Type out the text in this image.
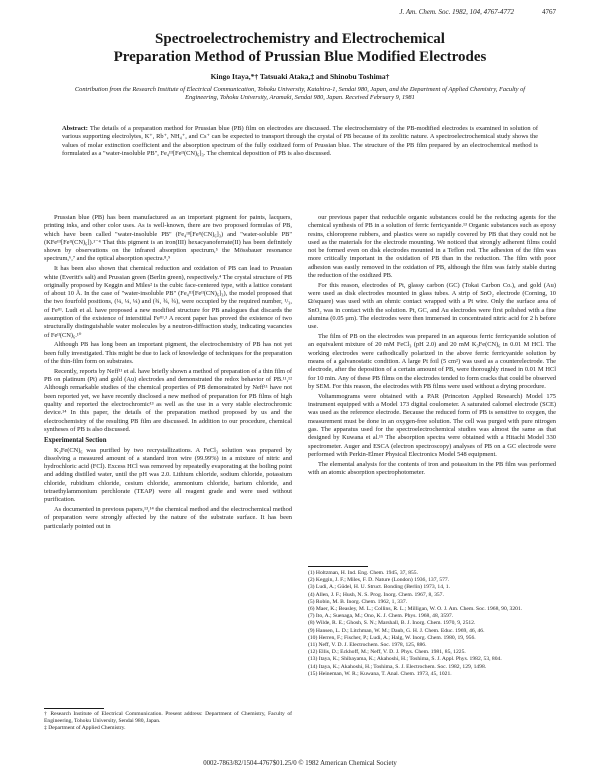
J. Am. Chem. Soc. 1982, 104, 4767-4772	4767
Spectroelectrochemistry and Electrochemical
Preparation Method of Prussian Blue Modified Electrodes
Kingo Itaya,*† Tatsuaki Ataka,‡ and Shinobu Toshima†
Contribution from the Research Institute of Electrical Communication, Tohoku University, Katahira-1, Sendai 980, Japan, and the Department of Applied Chemistry, Faculty of Engineering, Tohoku University, Aramaki, Sendai 980, Japan. Received February 9, 1981
Abstract: The details of a preparation method for Prussian blue (PB) film on electrodes are discussed. The electrochemistry of the PB-modified electrodes is examined in solution of various supporting electrolytes, K⁺, Rb⁺, NH₄⁺, and Cs⁺ can be expected to transport through the crystal of PB because of its zeolitic nature. A spectroelectrochemical study shows the values of molar extinction coefficient and the absorption spectrum of the fully oxidized form of Prussian blue. The structure of the PB film prepared by an electrochemical method is formulated as a "water-insoluble PB", Fe₄ᴵᴵᴵ[Feᴵᴵ(CN)₆]₃. The chemical deposition of PB is also discussed.

Prussian blue (PB) has been manufactured as an important pigment for paints, lacquers, printing inks, and other color uses. As is well-known, there are two proposed formulas of PB, which have been called "water-insoluble PB" (Fe₄ᴵᴵᴵ[Feᴵᴵ(CN)₆]₃) and "water-soluble PB" (KFeᴵᴵᴵ[Feᴵᴵ(CN)₆]).¹⁻⁴ That this pigment is an iron(III) hexacyanoferrate(II) has been definitely shown by observations on the infrared absorption spectrum,⁵ the Mössbauer resonance spectrum,⁶,⁷ and the optical absorption spectra.⁸,⁹

It has been also shown that chemical reduction and oxidation of PB can lead to Prussian white (Everitt's salt) and Prussian green (Berlin green), respectively.⁴ The crystal structure of PB originally proposed by Keggin and Miles² is the cubic face-centered type, with a lattice constant of about 10 Å. In the case of "water-insoluble PB" (Fe₄ᴵᴵᴵ[Feᴵᴵ(CN)₆]₃), the model proposed that the two fourfold positions, (¼, ¼, ¼) and (¾, ¾, ¾), were occupied by the required number, ¹/₃, of Feᴵᴵᴵ. Ludi et al. have proposed a new modified structure for PB analogues that discards the assumption of the existence of interstitial Feᴵᴵᴵ.³ A recent paper has proved the existence of two structurally distinguishable water molecules by a neutron-diffraction study, indicating vacancies of Feᴵᴵ(CN)₆.¹⁰

Although PB has long been an important pigment, the electrochemistry of PB has not yet been fully investigated. This might be due to lack of knowledge of techniques for the preparation of the thin-film form on substrates.

Recently, reports by Neff¹¹ et al. have briefly shown a method of preparation of a thin film of PB on platinum (Pt) and gold (Au) electrodes and demonstrated the redox behavior of PB.¹¹,¹² Although remarkable studies of the chemical properties of PB demonstrated by Neff¹¹ have not been reported yet, we have recently disclosed a new method of preparation for PB films of high quality and reported the electrochromic¹³ as well as the use in a very stable electrochromic device.¹⁴ In this paper, the details of the preparation method proposed by us and the electrochemistry of the resulting PB film are discussed. In addition to our procedure, chemical syntheses of PB is also discussed.

Experimental Section

K₃Fe(CN)₆ was purified by two recrystallizations. A FeCl₃ solution was prepared by dissolving a measured amount of a standard iron wire (99.99%) in a mixture of nitric and hydrochloric acid (FCl). Excess HCl was removed by repeatedly evaporating at the boiling point and adding distilled water, until the pH was 2.0. Lithium chloride, sodium chloride, potassium chloride, rubidium chloride, cesium chloride, ammonium chloride, barium chloride, and tetraethylammonium perchlorate (TEAP) were all reagent grade and were used without purification.

As documented in previous papers,¹³,¹⁴ the chemical method and the electrochemical method of preparation were strongly affected by the nature of the substrate surface. It has been particularly pointed out in

† Research Institute of Electrical Communication. Present address: Department of Chemistry, Faculty of Engineering, Tohoku University, Sendai 980, Japan.
‡ Department of Applied Chemistry.

our previous paper that reducible organic substances could be the reducing agents for the chemical synthesis of PB in a solution of ferric ferricyanide.¹³ Organic substances such as epoxy resins, chloroprene rubbers, and plastics were so rapidly covered by PB that they could not be used as the materials for the electrode mounting. We noticed that strongly adherent films could not be formed even on disk electrodes mounted in a Teflon rod. The adhesion of the film was more critically important in the oxidation of PB than in the reduction. The film with poor adhesion was easily removed in the oxidation of PB, although the film was fairly stable during the reduction of the oxidized PB.

For this reason, electrodes of Pt, glassy carbon (GC) (Tokai Carbon Co.), and gold (Au) were used as disk electrodes mounted in glass tubes. A strip of SnO₂ electrode (Corning, 10 Ω/square) was used with an ohmic contact wrapped with a Pt wire. Only the surface area of SnO₂ was in contact with the solution. Pt, GC, and Au electrodes were first polished with a fine alumina (0.05 µm). The electrodes were then immersed in concentrated nitric acid for 2 h before use.

The film of PB on the electrodes was prepared in an aqueous ferric ferricyanide solution of an equivalent mixture of 20 mM FeCl₃ (pH 2.0) and 20 mM K₃Fe(CN)₆ in 0.01 M HCl. The working electrodes were cathodically polarized in the above ferric ferricyanide solution by means of a galvanostatic condition. A large Pt foil (5 cm²) was used as a counterelectrode. The electrode, after the deposition of a certain amount of PB, were thoroughly rinsed in 0.01 M HCl for 10 min. Any of these PB films on the electrodes tended to form cracks that could be observed by SEM. For this reason, the electrodes with PB films were used without a drying procedure.

Voltammograms were obtained with a PAR (Princeton Applied Research) Model 175 instrument equipped with a Model 173 digital coulometer. A saturated calomel electrode (SCE) was used as the reference electrode. Because the reduced form of PB is sensitive to oxygen, the measurement must be done in an oxygen-free solution. The cell was purged with pure nitrogen gas. The apparatus used for the spectroelectrochemical studies was almost the same as that designed by Kuwana et al.¹⁵ The absorption spectra were obtained with a Hitachi Model 330 spectrometer. Auger and ESCA (electron spectroscopy) analyses of PB on a GC electrode were performed with Perkin-Elmer Physical Electronics Model 548 equipment.

The elemental analysis for the contents of iron and potassium in the PB film was performed with an atomic absorption spectrophotometer.

(1) Holtzman, H. Ind. Eng. Chem. 1945, 37, 855.
(2) Keggin, J. F.; Miles, F. D. Nature (London) 1936, 137, 577.
(3) Ludi, A.; Güdel, H. U. Struct. Bonding (Berlin) 1973, 14, 1.
(4) Allen, J. F.; Hush, N. S. Prog. Inorg. Chem. 1967, 8, 357.
(5) Robin, M. B. Inorg. Chem. 1962, 1, 337.
(6) Maer, K.; Beasley, M. L.; Collins, R. L.; Milligan, W. O. J. Am. Chem. Soc. 1968, 90, 3201.
(7) Ito, A.; Suenaga, M.; Ono, K. J. Chem. Phys. 1968, 48, 3597.
(8) Wilde, R. E.; Ghosh, S. N.; Marshall, B. J. Inorg. Chem. 1970, 9, 2512.
(9) Hansen, L. D.; Litchman, W. M.; Daub, G. H. J. Chem. Educ. 1969, 46, 46.
(10) Herren, F.; Fischer, P.; Ludi, A.; Halg, W. Inorg. Chem. 1980, 19, 956.
(11) Neff, V. D. J. Electrochem. Soc. 1978, 125, 886.
(12) Ellis, D.; Eckhoff, M.; Neff, V. D. J. Phys. Chem. 1981, 85, 1225.
(13) Itaya, K.; Shibayama, K.; Akahoshi, H.; Toshima, S. J. Appl. Phys. 1982, 53, 804.
(14) Itaya, K.; Akahoshi, H.; Toshima, S. J. Electrochem. Soc. 1982, 129, 1498.
(15) Heineman, W. R.; Kuwana, T. Anal. Chem. 1973, 45, 1021.
0002-7863/82/1504-4767$01.25/0 © 1982 American Chemical Society
